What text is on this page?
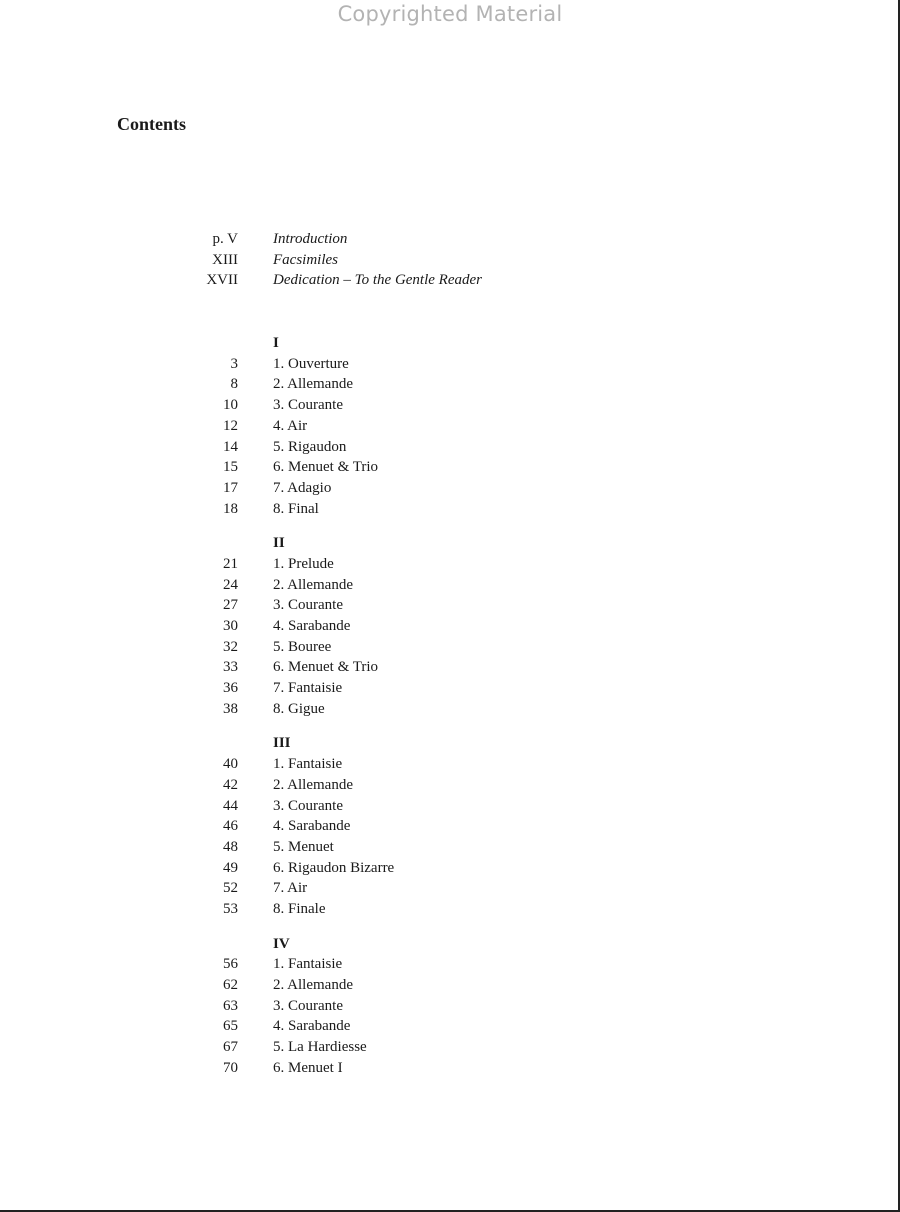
Copyrighted Material
Contents
p. V Introduction
XIII Facsimiles
XVII Dedication – To the Gentle Reader
I
3 1. Ouverture
8 2. Allemande
10 3. Courante
12 4. Air
14 5. Rigaudon
15 6. Menuet & Trio
17 7. Adagio
18 8. Final
II
21 1. Prelude
24 2. Allemande
27 3. Courante
30 4. Sarabande
32 5. Bouree
33 6. Menuet & Trio
36 7. Fantaisie
38 8. Gigue
III
40 1. Fantaisie
42 2. Allemande
44 3. Courante
46 4. Sarabande
48 5. Menuet
49 6. Rigaudon Bizarre
52 7. Air
53 8. Finale
IV
56 1. Fantaisie
62 2. Allemande
63 3. Courante
65 4. Sarabande
67 5. La Hardiesse
70 6. Menuet I
